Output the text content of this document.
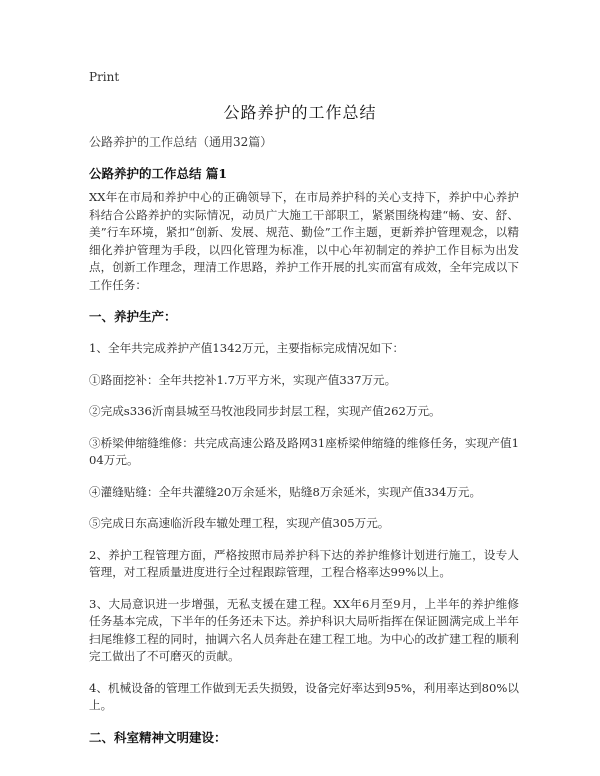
Print
公路养护的工作总结

公路养护的工作总结（通用32篇）

公路养护的工作总结 篇1

XX年在市局和养护中心的正确领导下，在市局养护科的关心支持下，养护中心养护科结合公路养护的实际情况，动员广大施工干部职工，紧紧围绕构建“畅、安、舒、美”行车环境，紧扣“创新、发展、规范、勤俭”工作主题，更新养护管理观念，以精细化养护管理为手段，以四化管理为标准，以中心年初制定的养护工作目标为出发点，创新工作理念，理清工作思路，养护工作开展的扎实而富有成效，全年完成以下工作任务：

一、养护生产：

1、全年共完成养护产值1342万元，主要指标完成情况如下：

①路面挖补：全年共挖补1.7万平方米，实现产值337万元。

②完成s336沂南县城至马牧池段同步封层工程，实现产值262万元。

③桥梁伸缩缝维修：共完成高速公路及路网31座桥梁伸缩缝的维修任务，实现产值104万元。

④灌缝贴缝：全年共灌缝20万余延米，贴缝8万余延米，实现产值334万元。

⑤完成日东高速临沂段车辙处理工程，实现产值305万元。

2、养护工程管理方面，严格按照市局养护科下达的养护维修计划进行施工，设专人管理，对工程质量进度进行全过程跟踪管理，工程合格率达99%以上。

3、大局意识进一步增强，无私支援在建工程。XX年6月至9月，上半年的养护维修任务基本完成，下半年的任务还未下达。养护科识大局听指挥在保证圆满完成上半年扫尾维修工程的同时，抽调六名人员奔赴在建工程工地。为中心的改扩建工程的顺利完工做出了不可磨灭的贡献。

4、机械设备的管理工作做到无丢失损毁，设备完好率达到95%，利用率达到80%以上。

二、科室精神文明建设：
